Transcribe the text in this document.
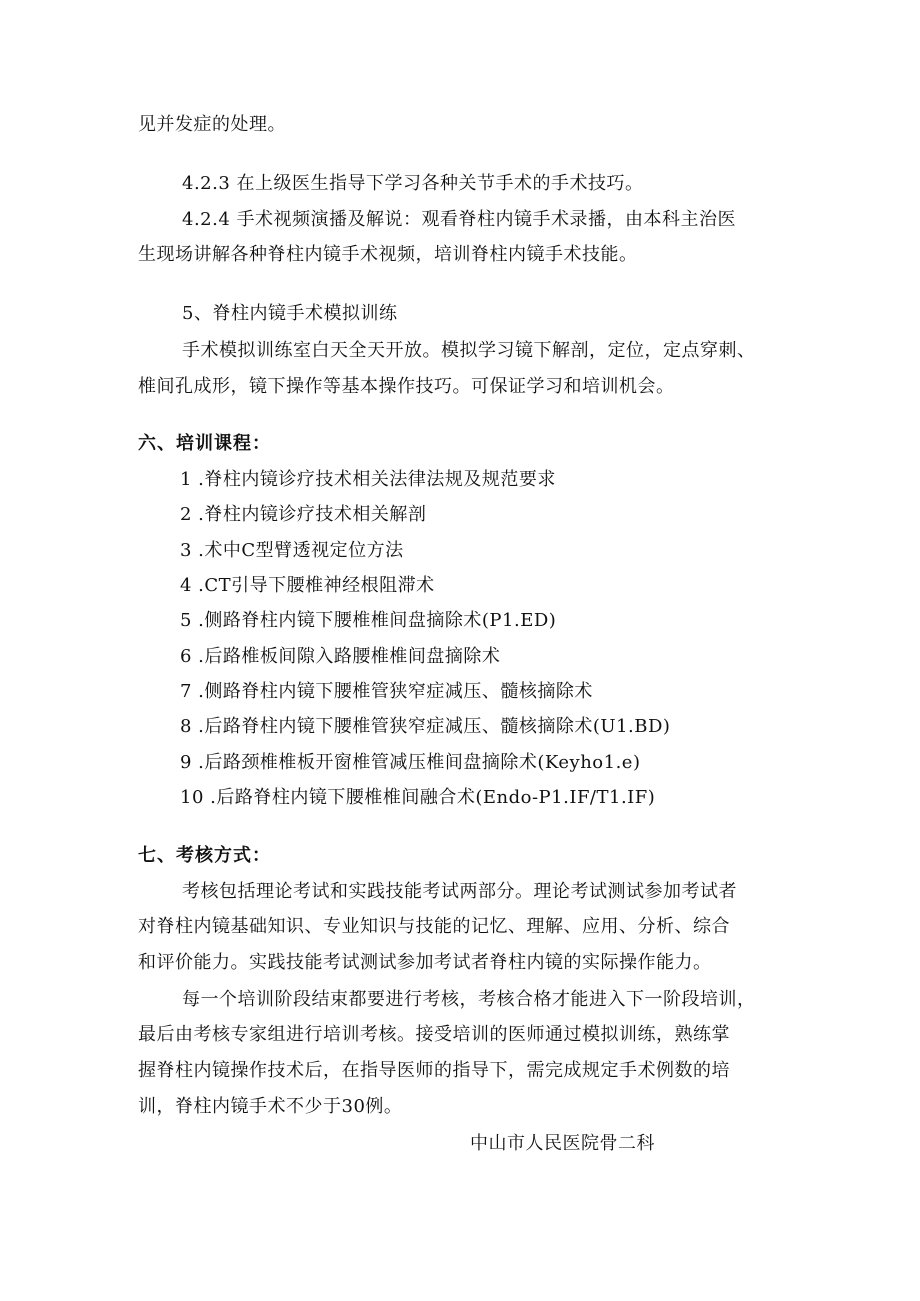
见并发症的处理。
4.2.3 在上级医生指导下学习各种关节手术的手术技巧。
4.2.4 手术视频演播及解说：观看脊柱内镜手术录播，由本科主治医
生现场讲解各种脊柱内镜手术视频，培训脊柱内镜手术技能。
5、脊柱内镜手术模拟训练
手术模拟训练室白天全天开放。模拟学习镜下解剖，定位，定点穿刺、
椎间孔成形，镜下操作等基本操作技巧。可保证学习和培训机会。
六、培训课程：
1 .脊柱内镜诊疗技术相关法律法规及规范要求
2 .脊柱内镜诊疗技术相关解剖
3 .术中C型臂透视定位方法
4 .CT引导下腰椎神经根阻滞术
5 .侧路脊柱内镜下腰椎椎间盘摘除术(P1.ED)
6 .后路椎板间隙入路腰椎椎间盘摘除术
7 .侧路脊柱内镜下腰椎管狭窄症减压、髓核摘除术
8 .后路脊柱内镜下腰椎管狭窄症减压、髓核摘除术(U1.BD)
9 .后路颈椎椎板开窗椎管减压椎间盘摘除术(Keyho1.e)
10 .后路脊柱内镜下腰椎椎间融合术(Endo-P1.IF/T1.IF)
七、考核方式：
考核包括理论考试和实践技能考试两部分。理论考试测试参加考试者
对脊柱内镜基础知识、专业知识与技能的记忆、理解、应用、分析、综合
和评价能力。实践技能考试测试参加考试者脊柱内镜的实际操作能力。
每一个培训阶段结束都要进行考核，考核合格才能进入下一阶段培训，
最后由考核专家组进行培训考核。接受培训的医师通过模拟训练，熟练掌
握脊柱内镜操作技术后，在指导医师的指导下，需完成规定手术例数的培
训，脊柱内镜手术不少于30例。
中山市人民医院骨二科
